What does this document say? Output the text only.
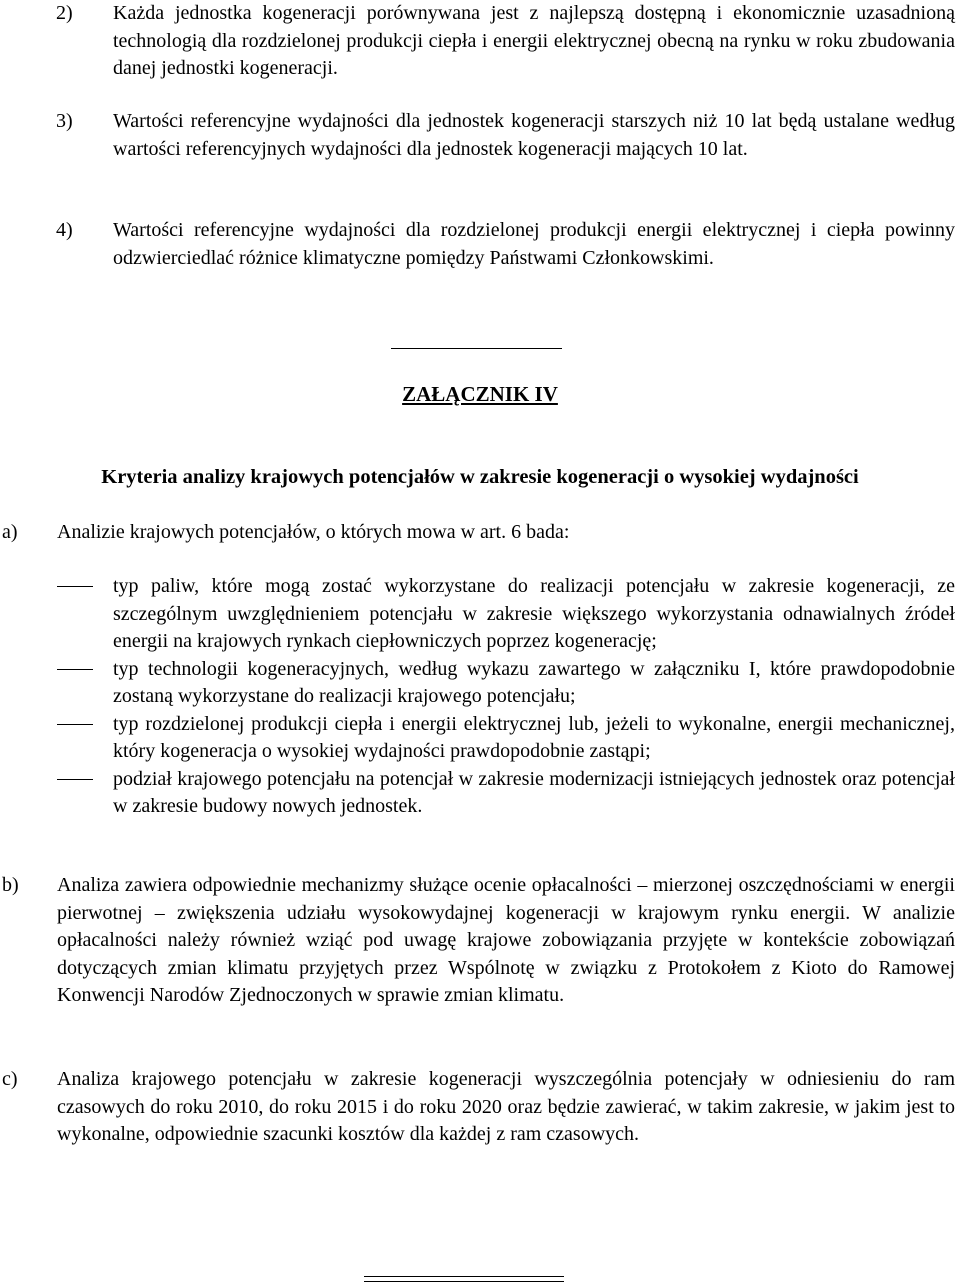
2) Każda jednostka kogeneracji porównywana jest z najlepszą dostępną i ekonomicznie uzasadnioną technologią dla rozdzielonej produkcji ciepła i energii elektrycznej obecną na rynku w roku zbudowania danej jednostki kogeneracji.
3) Wartości referencyjne wydajności dla jednostek kogeneracji starszych niż 10 lat będą ustalane według wartości referencyjnych wydajności dla jednostek kogeneracji mających 10 lat.
4) Wartości referencyjne wydajności dla rozdzielonej produkcji energii elektrycznej i ciepła powinny odzwierciedlać różnice klimatyczne pomiędzy Państwami Członkowskimi.
ZAŁĄCZNIK IV
Kryteria analizy krajowych potencjałów w zakresie kogeneracji o wysokiej wydajności
a) Analizie krajowych potencjałów, o których mowa w art. 6 bada:
typ paliw, które mogą zostać wykorzystane do realizacji potencjału w zakresie kogeneracji, ze szczególnym uwzględnieniem potencjału w zakresie większego wykorzystania odnawialnych źródeł energii na krajowych rynkach ciepłowniczych poprzez kogenerację;
typ technologii kogeneracyjnych, według wykazu zawartego w załączniku I, które prawdopodobnie zostaną wykorzystane do realizacji krajowego potencjału;
typ rozdzielonej produkcji ciepła i energii elektrycznej lub, jeżeli to wykonalne, energii mechanicznej, który kogeneracja o wysokiej wydajności prawdopodobnie zastąpi;
podział krajowego potencjału na potencjał w zakresie modernizacji istniejących jednostek oraz potencjał w zakresie budowy nowych jednostek.
b) Analiza zawiera odpowiednie mechanizmy służące ocenie opłacalności – mierzonej oszczędnościami w energii pierwotnej – zwiększenia udziału wysokowydajnej kogeneracji w krajowym rynku energii. W analizie opłacalności należy również wziąć pod uwagę krajowe zobowiązania przyjęte w kontekście zobowiązań dotyczących zmian klimatu przyjętych przez Wspólnotę w związku z Protokołem z Kioto do Ramowej Konwencji Narodów Zjednoczonych w sprawie zmian klimatu.
c) Analiza krajowego potencjału w zakresie kogeneracji wyszczególnia potencjały w odniesieniu do ram czasowych do roku 2010, do roku 2015 i do roku 2020 oraz będzie zawierać, w takim zakresie, w jakim jest to wykonalne, odpowiednie szacunki kosztów dla każdej z ram czasowych.
